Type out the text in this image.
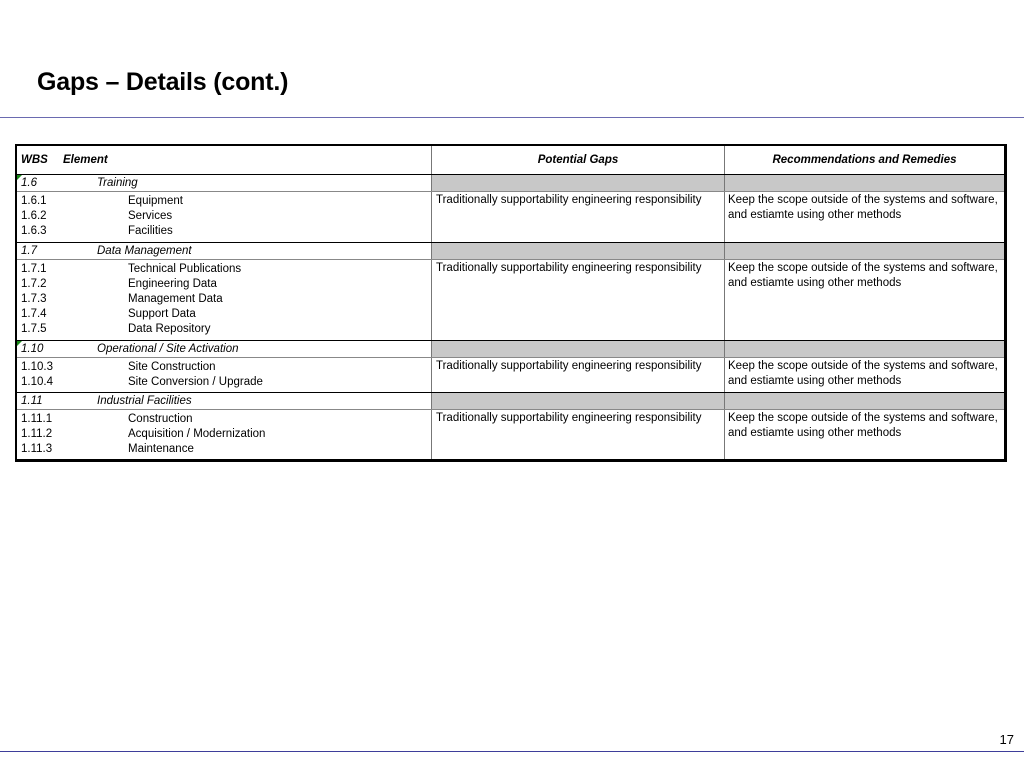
Gaps – Details (cont.)
WBS	Element	Potential Gaps	Recommendations and Remedies
1.6	Training
1.6.1	Equipment
1.6.2	Services
1.6.3	Facilities
Traditionally supportability engineering responsibility	Keep the scope outside of the systems and software, and estiamte using other methods
1.7	Data Management
1.7.1	Technical Publications
1.7.2	Engineering Data
1.7.3	Management Data
1.7.4	Support Data
1.7.5	Data Repository
Traditionally supportability engineering responsibility	Keep the scope outside of the systems and software, and estiamte using other methods
1.10	Operational / Site Activation
1.10.3	Site Construction
1.10.4	Site Conversion / Upgrade
Traditionally supportability engineering responsibility	Keep the scope outside of the systems and software, and estiamte using other methods
1.11	Industrial Facilities
1.11.1	Construction
1.11.2	Acquisition / Modernization
1.11.3	Maintenance
Traditionally supportability engineering responsibility	Keep the scope outside of the systems and software, and estiamte using other methods
17
